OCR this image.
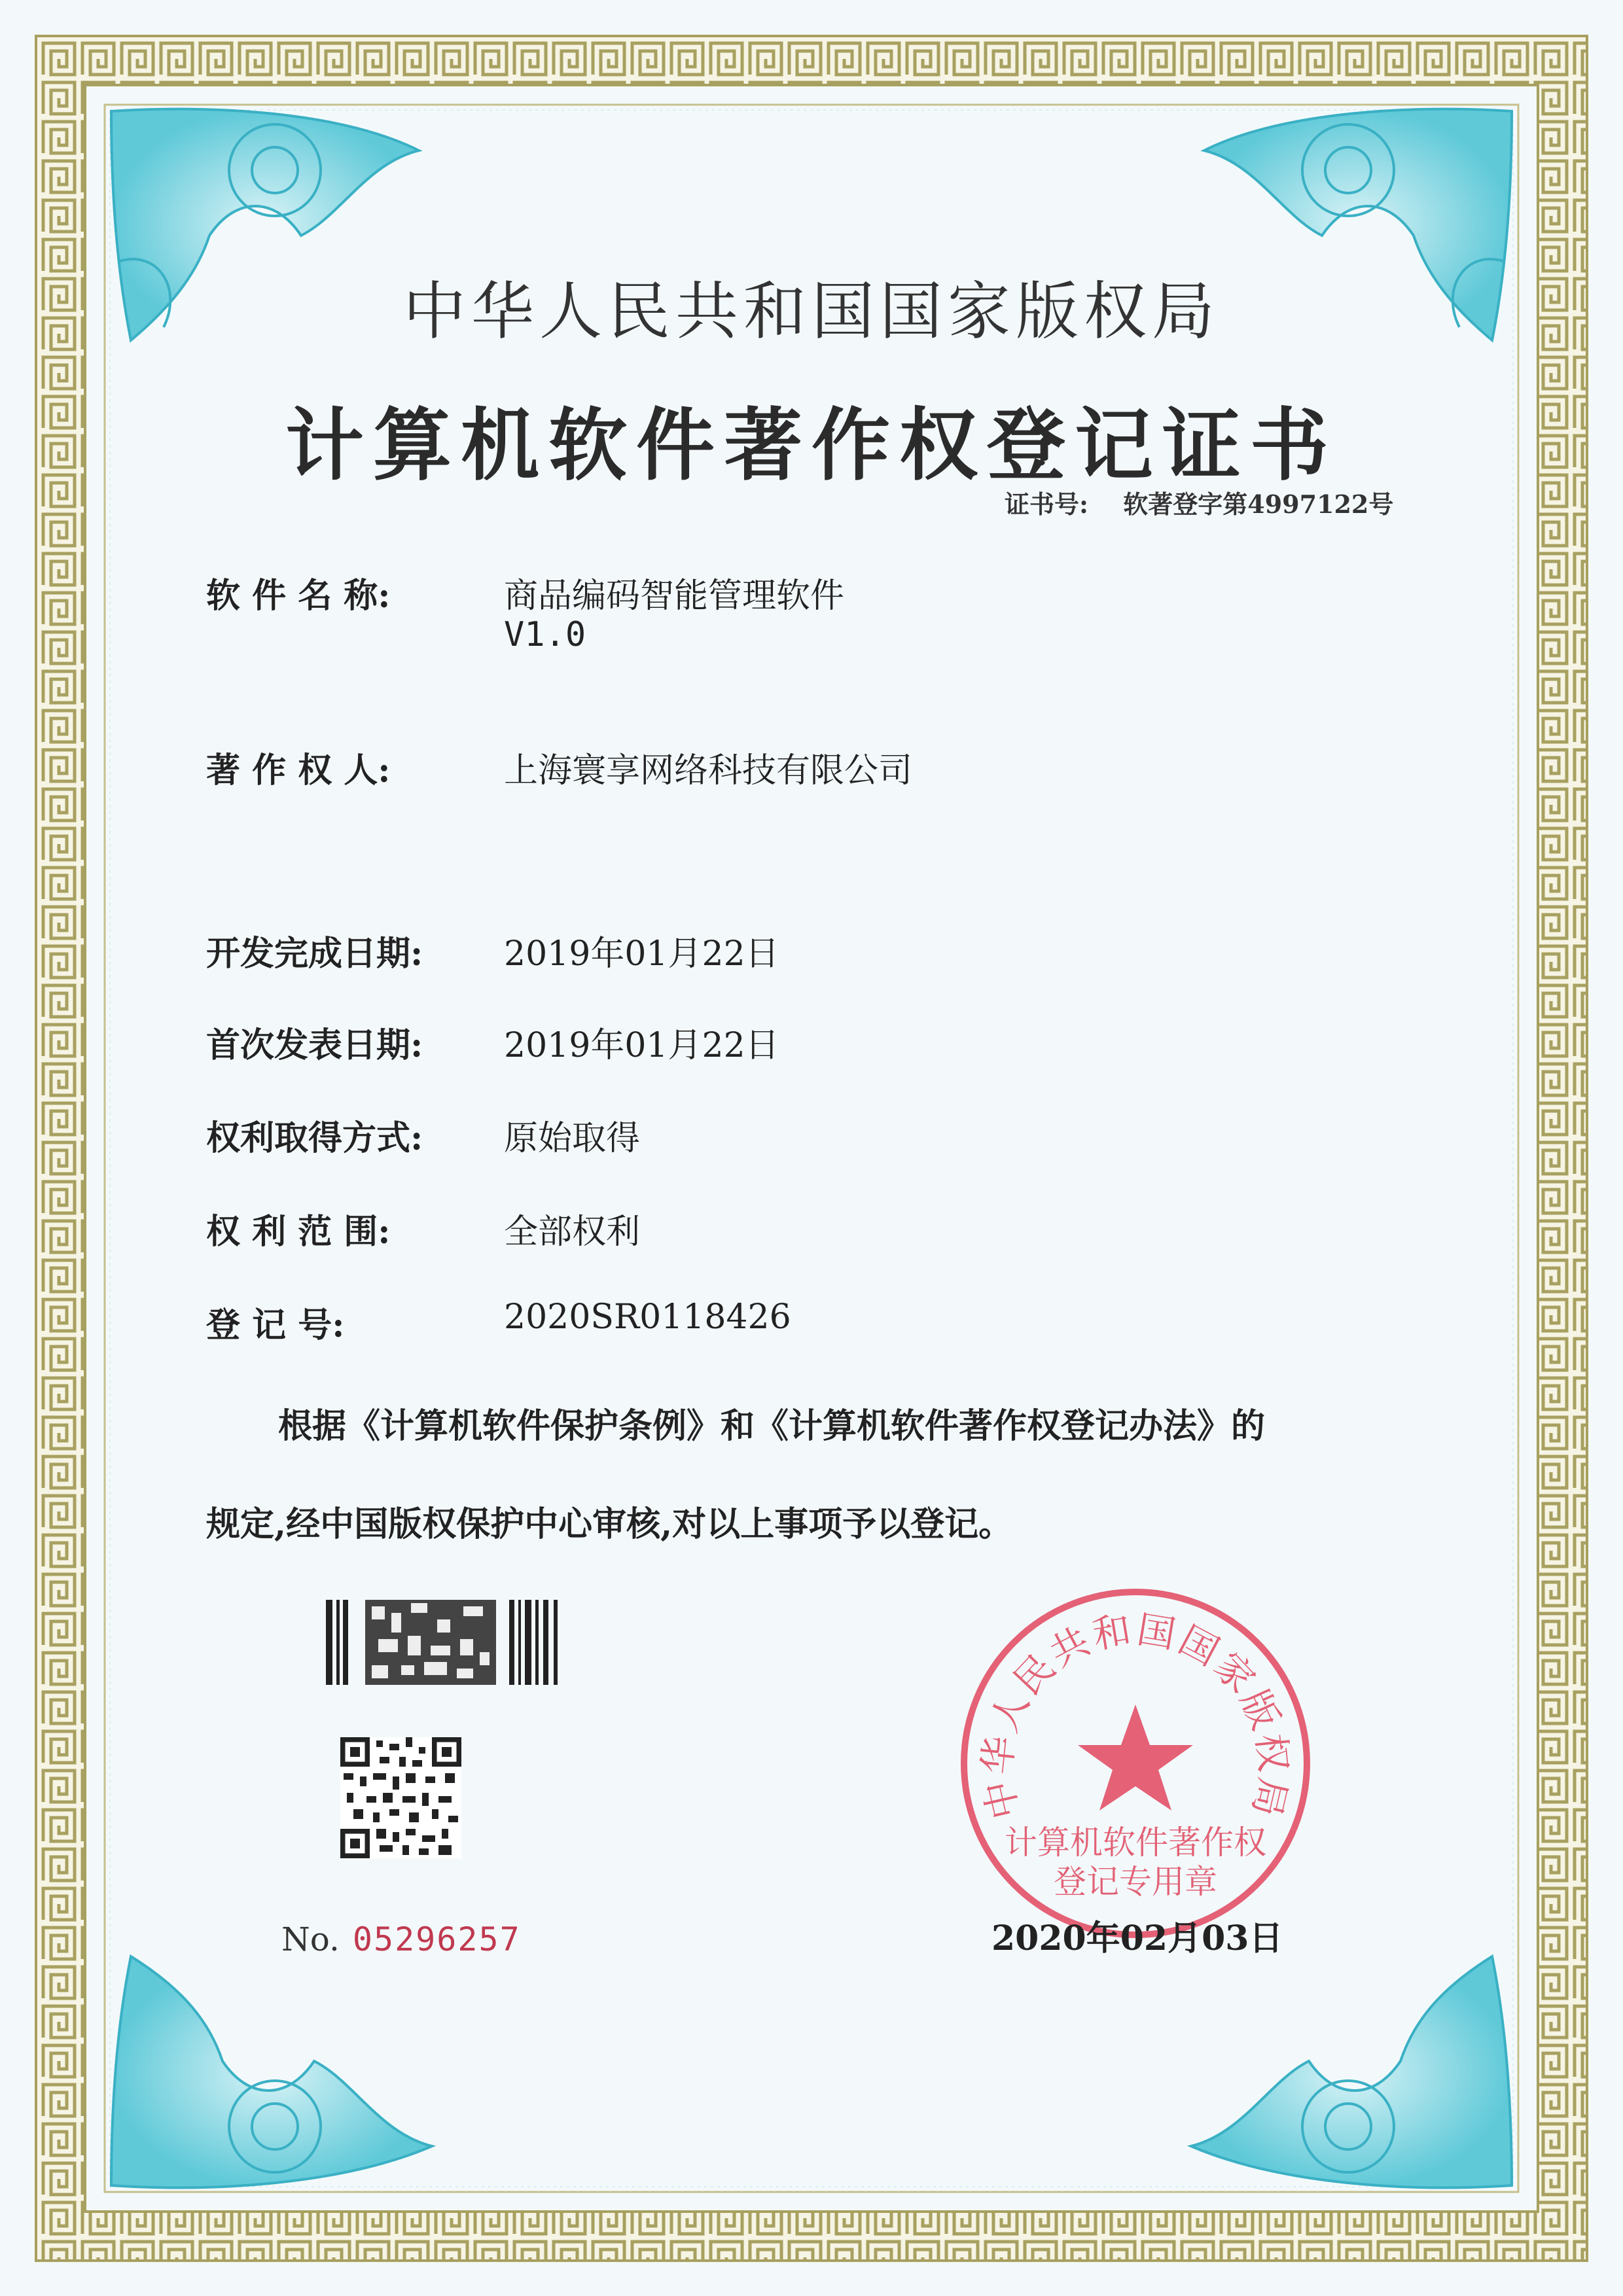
中华人民共和国国家版权局
计算机软件著作权登记证书
证书号: 软著登字第4997122号
软 件 名 称:	商品编码智能管理软件
V1.0
著 作 权 人:	上海寰享网络科技有限公司
开发完成日期:	2019年01月22日
首次发表日期:	2019年01月22日
权利取得方式:	原始取得
权 利 范 围:	全部权利
登 记 号:	2020SR0118426
根据《计算机软件保护条例》和《计算机软件著作权登记办法》的
规定,经中国版权保护中心审核,对以上事项予以登记。
No. 05296257
中华人民共和国国家版权局
计算机软件著作权
登记专用章
2020年02月03日
